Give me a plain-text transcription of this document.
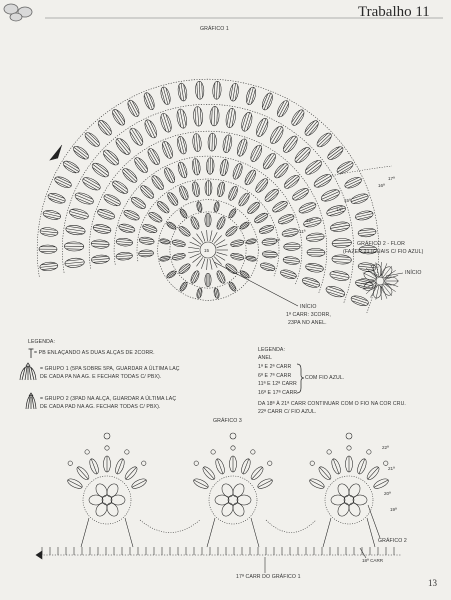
Trabalho 11
GRÁFICO 1
15
17ª
16ª
15ª
14ª
12ª
11ª
9ª
INÍCIO
1ª CARR: 3CORR,
23PA NO ANEL.
GRÁFICO 2 - FLOR
(FAZER 21 IGUAIS C/ FIO AZUL)
INÍCIO
LEGENDA:
= PB ENLAÇANDO AS DUAS ALÇAS DE 2CORR.
= GRUPO 1 (5PA SOBRE 5PA, GUARDAR A ÚLTIMA LAÇ
DE CADA PA NA AG. E FECHAR TODAS C/ PBX).
= GRUPO 2 (3PAD NA ALÇA, GUARDAR A ÚLTIMA LAÇ
DE CADA PAD NA AG. FECHAR TODAS C/ PBX).
LEGENDA:
ANEL
1ª E 2ª CARR
6ª E 7ª CARR
11ª E 12ª CARR
16ª E 17ª CARR
COM FIO AZUL.
DA 18ª À 21ª CARR CONTINUAR COM O FIO NA COR CRU.
22ª CARR C/ FIO AZUL.
GRÁFICO 3
22ª
21ª
20ª
19ª
18ª CARR
GRÁFICO 2
17ª CARR DO GRÁFICO 1
13
